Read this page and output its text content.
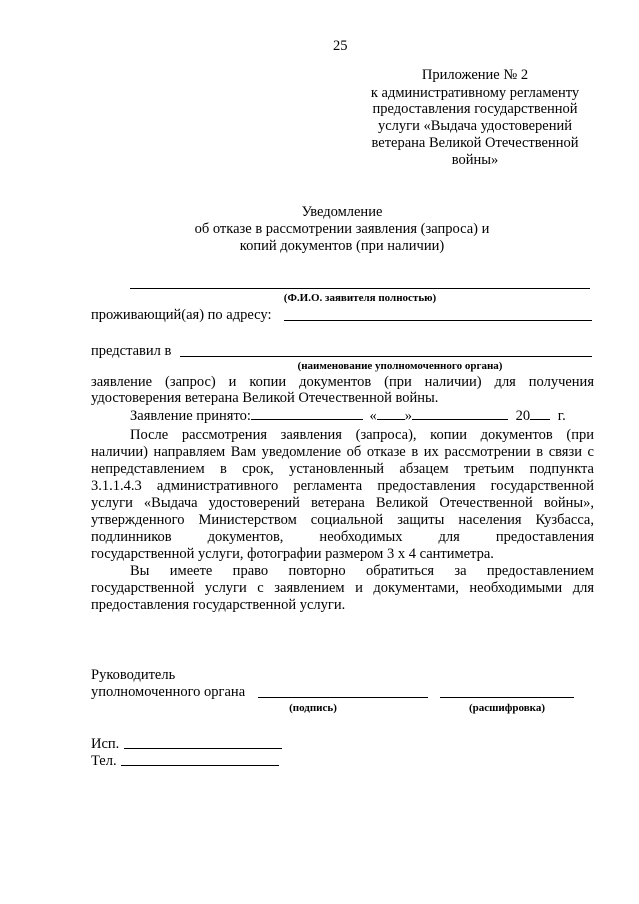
25
Приложение № 2
к административному регламенту
предоставления государственной
услуги «Выдача удостоверений
ветерана Великой Отечественной
войны»
Уведомление
об отказе в рассмотрении заявления (запроса) и
копий документов (при наличии)
(Ф.И.О. заявителя полностью)
проживающий(ая) по адресу:
представил в
(наименование уполномоченного органа)
заявление (запрос) и копии документов (при наличии) для получения
удостоверения ветерана Великой Отечественной войны.
Заявление принято:	« »	20 г.
После рассмотрения заявления (запроса), копии документов (при
наличии) направляем Вам уведомление об отказе в их рассмотрении в связи с
непредставлением в срок, установленный абзацем третьим подпункта
3.1.1.4.3 административного регламента предоставления государственной
услуги «Выдача удостоверений ветерана Великой Отечественной войны»,
утвержденного Министерством социальной защиты населения Кузбасса,
подлинников документов, необходимых для предоставления
государственной услуги, фотографии размером 3 х 4 сантиметра.
Вы имеете право повторно обратиться за предоставлением
государственной услуги с заявлением и документами, необходимыми для
предоставления государственной услуги.
Руководитель
уполномоченного органа
(подпись)	(расшифровка)
Исп.
Тел.
